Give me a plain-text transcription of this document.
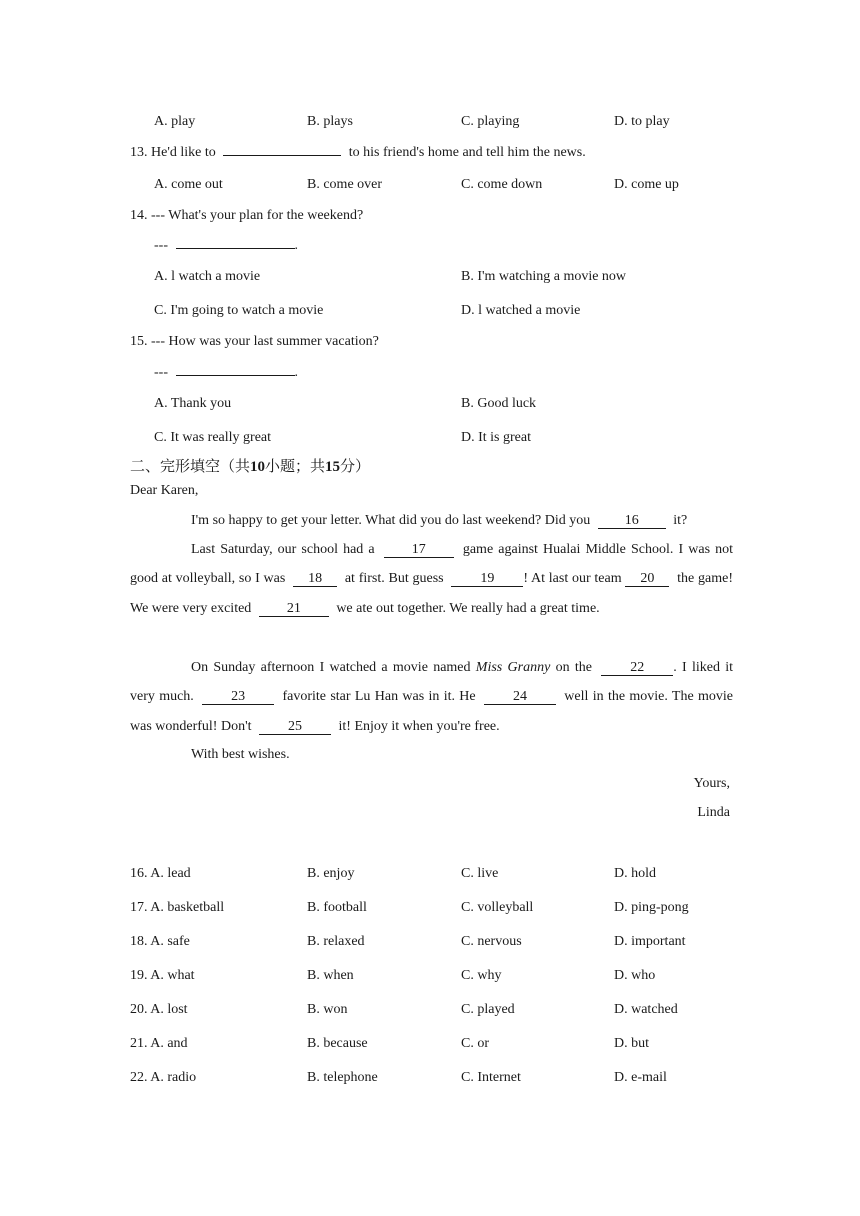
A. play	B. plays	C. playing	D. to play
13. He'd like to	to his friend's home and tell him the news.
A. come out	B. come over	C. come down	D. come up
14. --- What's your plan for the weekend?
---	.
A. l watch a movie	B. I'm watching a movie now
C. I'm going to watch a movie	D. l watched a movie
15. --- How was your last summer vacation?
---	.
A. Thank you	B. Good luck
C. It was really great	D. It is great
二、完形填空（共10小题；共15分）
Dear Karen,
I'm so happy to get your letter. What did you do last weekend? Did you 16 it?
Last Saturday, our school had a	17	game against Hualai Middle School. I was not good at volleyball, so I was 18 at first. But guess	19 ! At last our team 20 the game! We were very excited	21	we ate out together. We really had a great time.
On Sunday afternoon I watched a movie named Miss Granny on the	22 . I liked it very much.	23	favorite star Lu Han was in it. He	24	well in the movie. The movie was wonderful! Don't	25	it! Enjoy it when you're free.
With best wishes.
Yours,
Linda
16. A. lead	B. enjoy	C. live	D. hold
17. A. basketball	B. football	C. volleyball	D. ping-pong
18. A. safe	B. relaxed	C. nervous	D. important
19. A. what	B. when	C. why	D. who
20. A. lost	B. won	C. played	D. watched
21. A. and	B. because	C. or	D. but
22. A. radio	B. telephone	C. Internet	D. e-mail
